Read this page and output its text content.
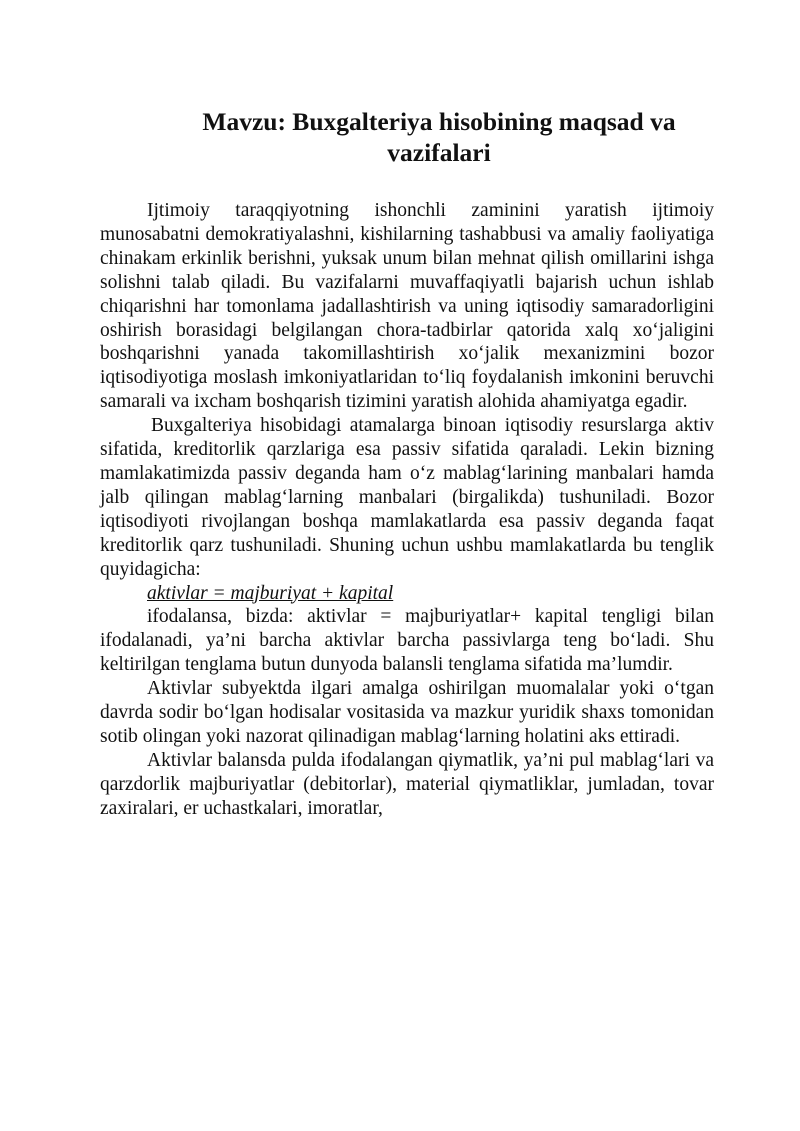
Mavzu: Buxgalteriya hisobining maqsad va
vazifalari

Ijtimoiy taraqqiyotning ishonchli zaminini yaratish ijtimoiy munosabatni demokratiyalashni, kishilarning tashabbusi va amaliy faoliyatiga chinakam erkinlik berishni, yuksak unum bilan mehnat qilish omillarini ishga solishni talab qiladi. Bu vazifalarni muvaffaqiyatli bajarish uchun ishlab chiqarishni har tomonlama jadallashtirish va uning iqtisodiy samaradorligini oshirish borasidagi belgilangan chora-tadbirlar qatorida xalq xo‘jaligini boshqarishni yanada takomillashtirish xo‘jalik mexanizmini bozor iqtisodiyotiga moslash imkoniyatlaridan to‘liq foydalanish imkonini beruvchi samarali va ixcham boshqarish tizimini yaratish alohida ahamiyatga egadir.

Buxgalteriya hisobidagi atamalarga binoan iqtisodiy resurslarga aktiv sifatida, kreditorlik qarzlariga esa passiv sifatida qaraladi. Lekin bizning mamlakatimizda passiv deganda ham o‘z mablag‘larining manbalari hamda jalb qilingan mablag‘larning manbalari (birgalikda) tushuniladi. Bozor iqtisodiyoti rivojlangan boshqa mamlakatlarda esa passiv deganda faqat kreditorlik qarz tushuniladi. Shuning uchun ushbu mamlakatlarda bu tenglik quyidagicha:

aktivlar = majburiyat + kapital

ifodalansa, bizda: aktivlar = majburiyatlar+ kapital tengligi bilan ifodalanadi, ya’ni barcha aktivlar barcha passivlarga teng bo‘ladi. Shu keltirilgan tenglama butun dunyoda balansli tenglama sifatida ma’lumdir.

Aktivlar subyektda ilgari amalga oshirilgan muomalalar yoki o‘tgan davrda sodir bo‘lgan hodisalar vositasida va mazkur yuridik shaxs tomonidan sotib olingan yoki nazorat qilinadigan mablag‘larning holatini aks ettiradi.

Aktivlar balansda pulda ifodalangan qiymatlik, ya’ni pul mablag‘lari va qarzdorlik majburiyatlar (debitorlar), material qiymatliklar, jumladan, tovar zaxiralari, er uchastkalari, imoratlar,
